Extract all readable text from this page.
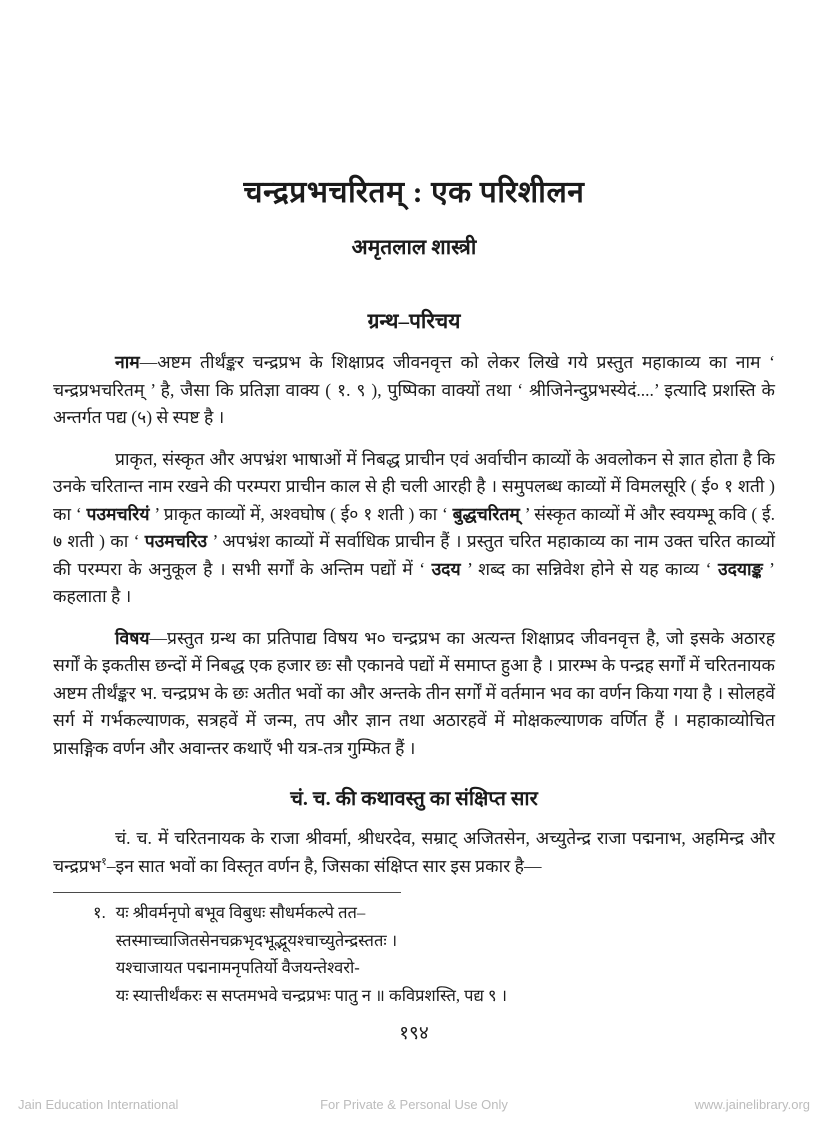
चन्द्रप्रभचरितम् : एक परिशीलन
अमृतलाल शास्त्री
ग्रन्थ–परिचय

नाम—अष्टम तीर्थंङ्कर चन्द्रप्रभ के शिक्षाप्रद जीवनवृत्त को लेकर लिखे गये प्रस्तुत महाकाव्य का नाम ‘ चन्द्रप्रभचरितम् ’ है, जैसा कि प्रतिज्ञा वाक्य ( १. ९ ), पुष्पिका वाक्यों तथा ‘ श्रीजिनेन्दुप्रभस्येदं....’ इत्यादि प्रशस्ति के अन्तर्गत पद्य (५) से स्पष्ट है ।

प्राकृत, संस्कृत और अपभ्रंश भाषाओं में निबद्ध प्राचीन एवं अर्वाचीन काव्यों के अवलोकन से ज्ञात होता है कि उनके चरितान्त नाम रखने की परम्परा प्राचीन काल से ही चली आरही है । समुपलब्ध काव्यों में विमलसूरि ( ई० १ शती ) का ‘ पउमचरियं ’ प्राकृत काव्यों में, अश्वघोष ( ई० १ शती ) का ‘ बुद्धचरितम् ’ संस्कृत काव्यों में और स्वयम्भू कवि ( ई. ७ शती ) का ‘ पउमचरिउ ’ अपभ्रंश काव्यों में सर्वाधिक प्राचीन हैं । प्रस्तुत चरित महाकाव्य का नाम उक्त चरित काव्यों की परम्परा के अनुकूल है । सभी सर्गों के अन्तिम पद्यों में ‘ उदय ’ शब्द का सन्निवेश होने से यह काव्य ‘ उदयाङ्क ’ कहलाता है ।

विषय—प्रस्तुत ग्रन्थ का प्रतिपाद्य विषय भ० चन्द्रप्रभ का अत्यन्त शिक्षाप्रद जीवनवृत्त है, जो इसके अठारह सर्गों के इकतीस छन्दों में निबद्ध एक हजार छः सौ एकानवे पद्यों में समाप्त हुआ है । प्रारम्भ के पन्द्रह सर्गों में चरितनायक अष्टम तीर्थंङ्कर भ. चन्द्रप्रभ के छः अतीत भवों का और अन्तके तीन सर्गों में वर्तमान भव का वर्णन किया गया है । सोलहवें सर्ग में गर्भकल्याणक, सत्रहवें में जन्म, तप और ज्ञान तथा अठारहवें में मोक्षकल्याणक वर्णित हैं । महाकाव्योचित प्रासङ्गिक वर्णन और अवान्तर कथाएँ भी यत्र-तत्र गुम्फित हैं ।

चं. च. की कथावस्तु का संक्षिप्त सार

चं. च. में चरितनायक के राजा श्रीवर्मा, श्रीधरदेव, सम्राट् अजितसेन, अच्युतेन्द्र राजा पद्मनाभ, अहमिन्द्र और चन्द्रप्रभ$^१$–इन सात भवों का विस्तृत वर्णन है, जिसका संक्षिप्त सार इस प्रकार है—

१. यः श्रीवर्मनृपो बभूव विबुधः सौधर्मकल्पे तत–
स्तस्माच्चाजितसेनचक्रभृदभूद्भूयश्चाच्युतेन्द्रस्ततः ।
यश्चाजायत पद्मनामनृपतिर्यो वैजयन्तेश्वरो-
यः स्यात्तीर्थंकरः स सप्तमभवे चन्द्रप्रभः पातु न ॥ कविप्रशस्ति, पद्य ९ ।
१९४
For Private & Personal Use Only
Jain Education International	www.jainelibrary.org
